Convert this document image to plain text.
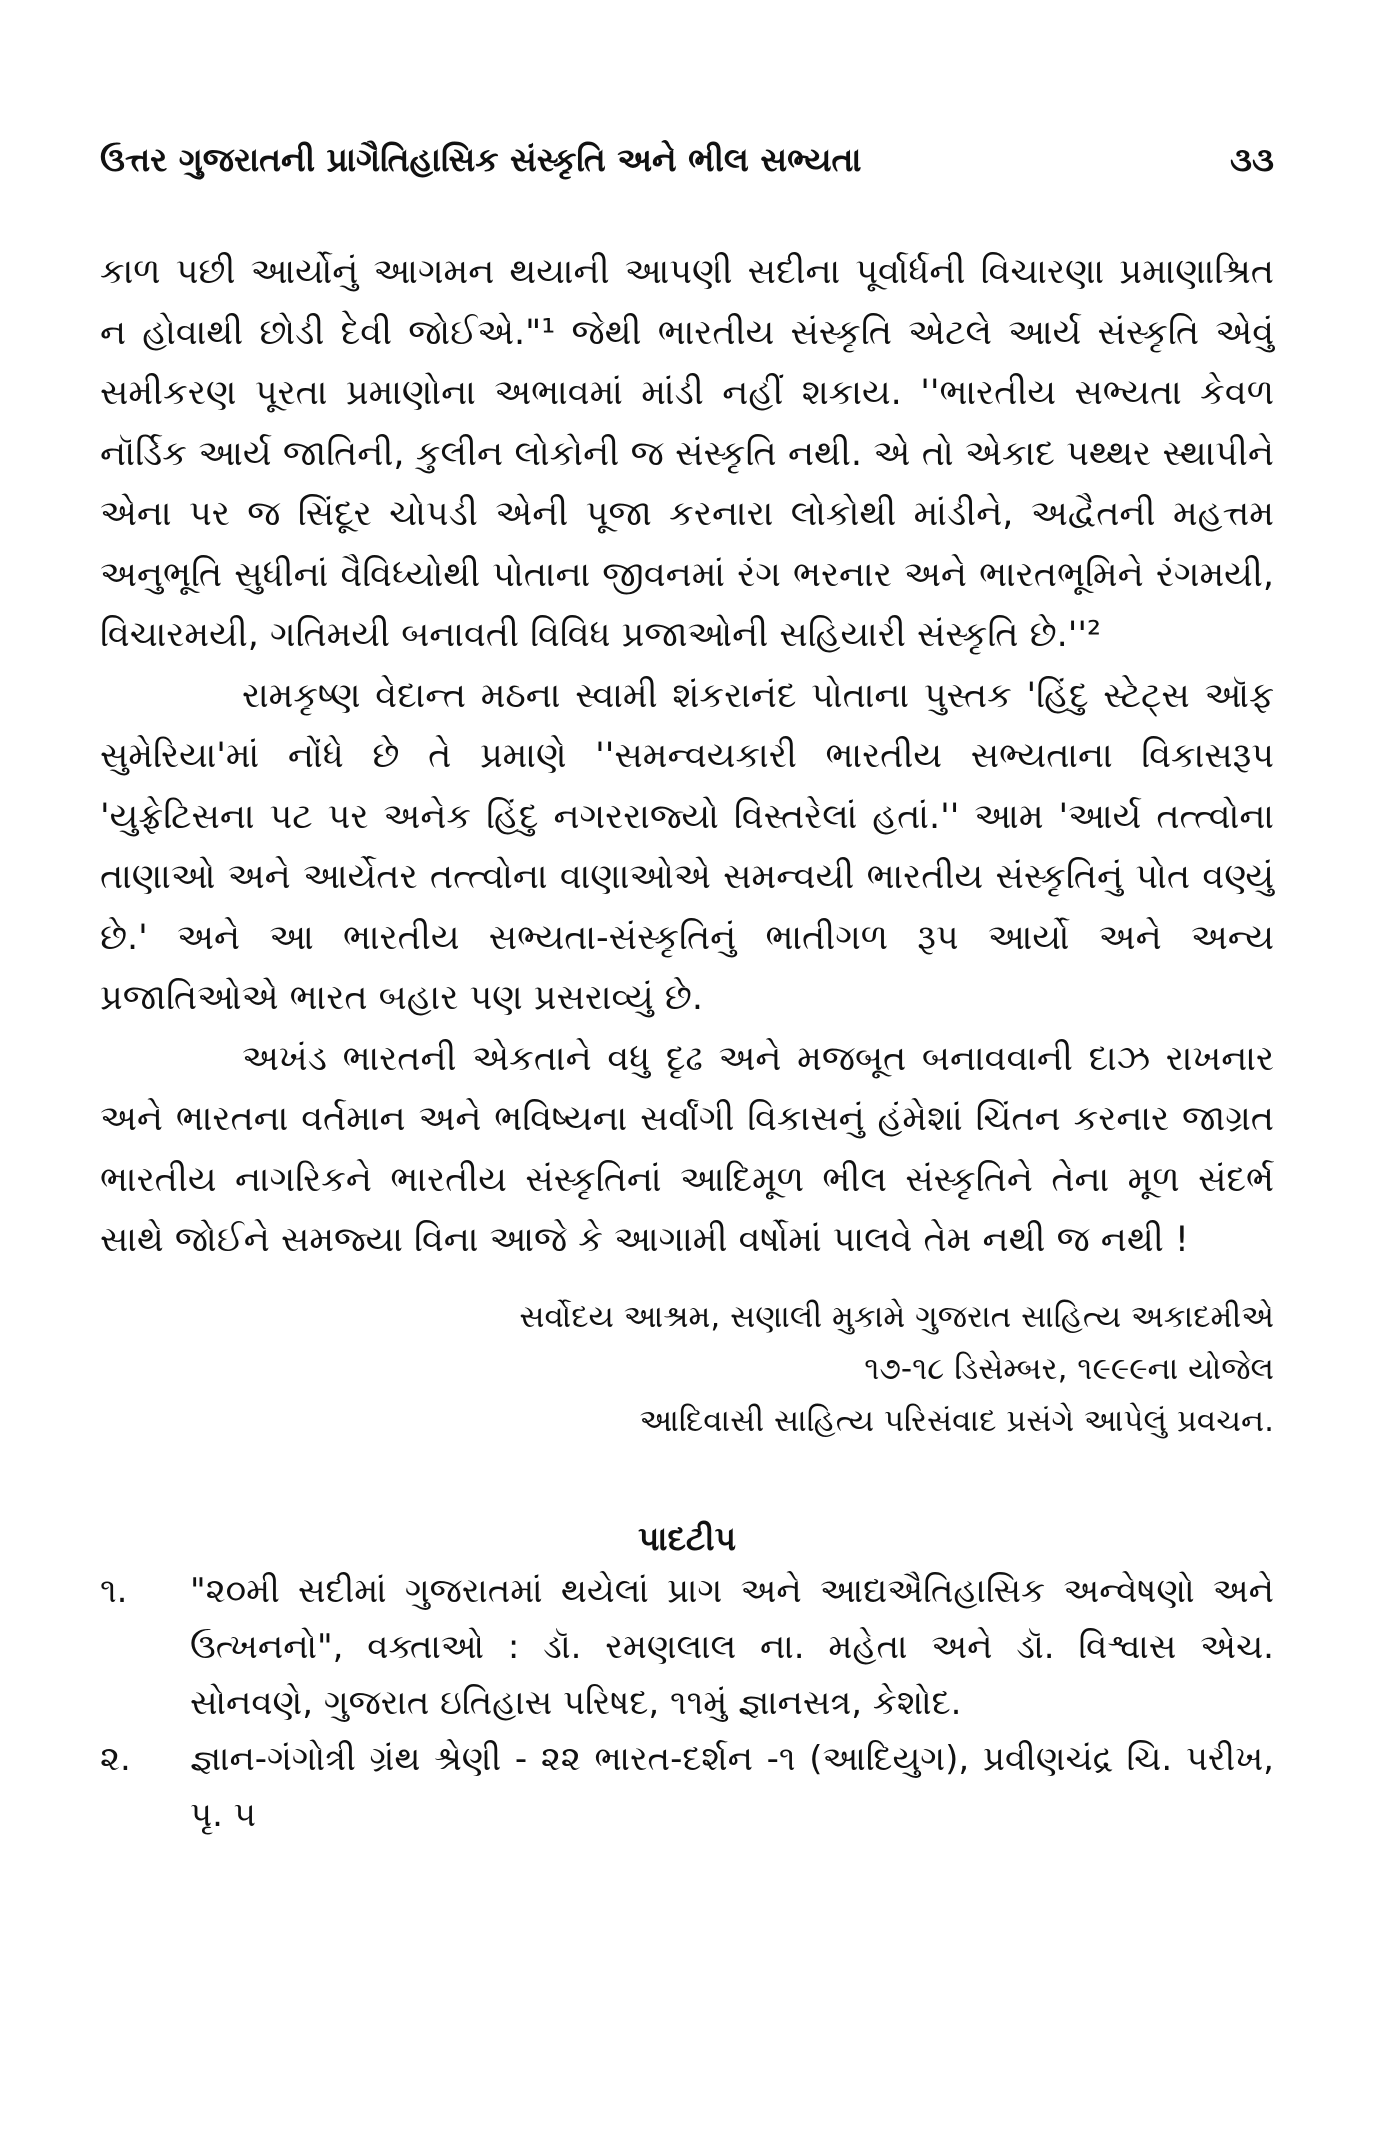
ઉત્તર ગુજરાતની પ્રાગૈતિહાસિક સંસ્કૃતિ અને ભીલ સભ્યતા	૩૩

કાળ પછી આર્યોનું આગમન થયાની આપણી સદીના પૂર્વાર્ધની વિચારણા પ્રમાણાશ્રિત ન હોવાથી છોડી દેવી જોઈએ."¹ જેથી ભારતીય સંસ્કૃતિ એટલે આર્ય સંસ્કૃતિ એવું સમીકરણ પૂરતા પ્રમાણોના અભાવમાં માંડી નહીં શકાય. ''ભારતીય સભ્યતા કેવળ નૉર્ડિક આર્ય જાતિની, કુલીન લોકોની જ સંસ્કૃતિ નથી. એ તો એકાદ પથ્થર સ્થાપીને એના પર જ સિંદૂર ચોપડી એની પૂજા કરનારા લોકોથી માંડીને, અદ્વૈતની મહત્તમ અનુભૂતિ સુધીનાં વૈવિધ્યોથી પોતાના જીવનમાં રંગ ભરનાર અને ભારતભૂમિને રંગમયી, વિચારમયી, ગતિમયી બનાવતી વિવિધ પ્રજાઓની સહિયારી સંસ્કૃતિ છે.''²

રામકૃષ્ણ વેદાન્ત મઠના સ્વામી શંકરાનંદ પોતાના પુસ્તક 'હિંદુ સ્ટેટ્સ ઑફ સુમેરિયા'માં નોંધે છે તે પ્રમાણે ''સમન્વયકારી ભારતીય સભ્યતાના વિકાસરૂપ 'યુફ્રેટિસના પટ પર અનેક હિંદુ નગરરાજ્યો વિસ્તરેલાં હતાં.'' આમ 'આર્ય તત્ત્વોના તાણાઓ અને આર્યેતર તત્ત્વોના વાણાઓએ સમન્વયી ભારતીય સંસ્કૃતિનું પોત વણ્યું છે.' અને આ ભારતીય સભ્યતા-સંસ્કૃતિનું ભાતીગળ રૂપ આર્યો અને અન્ય પ્રજાતિઓએ ભારત બહાર પણ પ્રસરાવ્યું છે.

અખંડ ભારતની એકતાને વધુ દૃઢ અને મજબૂત બનાવવાની દાઝ રાખનાર અને ભારતના વર્તમાન અને ભવિષ્યના સર્વાંગી વિકાસનું હંમેશાં ચિંતન કરનાર જાગ્રત ભારતીય નાગરિકને ભારતીય સંસ્કૃતિનાં આદિમૂળ ભીલ સંસ્કૃતિને તેના મૂળ સંદર્ભ સાથે જોઈને સમજ્યા વિના આજે કે આગામી વર્ષોમાં પાલવે તેમ નથી જ નથી !

સર્વોદય આશ્રમ, સણાલી મુકામે ગુજરાત સાહિત્ય અકાદમીએ
૧૭-૧૮ ડિસેમ્બર, ૧૯૯૯ના યોજેલ
આદિવાસી સાહિત્ય પરિસંવાદ પ્રસંગે આપેલું પ્રવચન.
પાદટીપ
૧.	"૨૦મી સદીમાં ગુજરાતમાં થયેલાં પ્રાગ અને આદ્યઐતિહાસિક અન્વેષણો અને ઉત્ખનનો", વક્તાઓ : ડૉ. રમણલાલ ના. મહેતા અને ડૉ. વિશ્વાસ એચ. સોનવણે, ગુજરાત ઇતિહાસ પરિષદ, ૧૧મું જ્ઞાનસત્ર, કેશોદ.
૨.	જ્ઞાન-ગંગોત્રી ગ્રંથ શ્રેણી - ૨૨ ભારત-દર્શન -૧ (આદિયુગ), પ્રવીણચંદ્ર ચિ. પરીખ, પૃ. ૫
